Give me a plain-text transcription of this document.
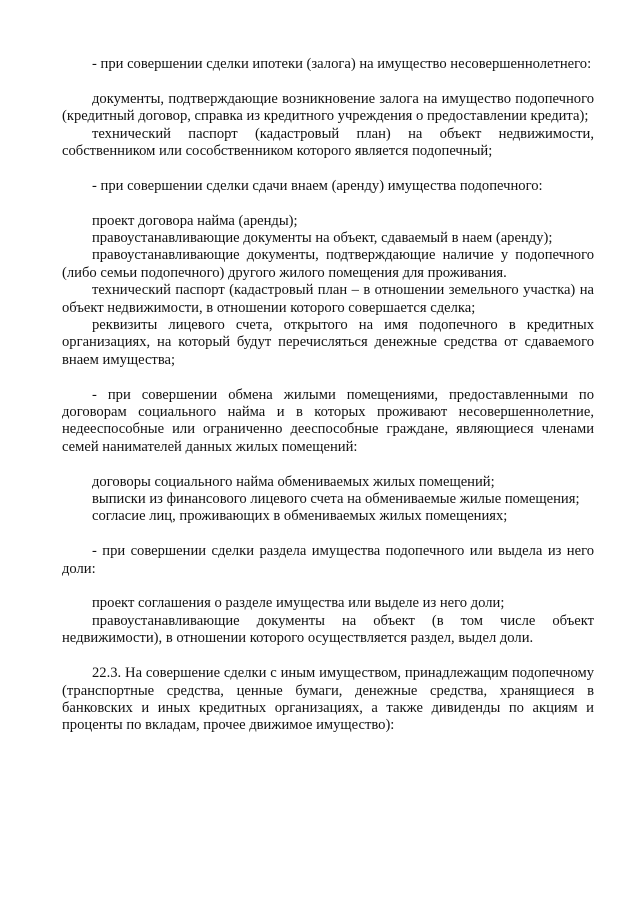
- при совершении сделки ипотеки (залога) на имущество несовершеннолетнего:

документы, подтверждающие возникновение залога на имущество подопечного (кредитный договор, справка из кредитного учреждения о предоставлении кредита);

технический паспорт (кадастровый план) на объект недвижимости, собственником или сособственником которого является подопечный;

- при совершении сделки сдачи внаем (аренду) имущества подопечного:

проект договора найма (аренды);

правоустанавливающие документы на объект, сдаваемый в наем (аренду);

правоустанавливающие документы, подтверждающие наличие у подопечного (либо семьи подопечного) другого жилого помещения для проживания.

технический паспорт (кадастровый план – в отношении земельного участка) на объект недвижимости, в отношении которого совершается сделка;

реквизиты лицевого счета, открытого на имя подопечного в кредитных организациях, на который будут перечисляться денежные средства от сдаваемого внаем имущества;

- при совершении обмена жилыми помещениями, предоставленными по договорам социального найма и в которых проживают несовершеннолетние, недееспособные или ограниченно дееспособные граждане, являющиеся членами семей нанимателей данных жилых помещений:

договоры социального найма обмениваемых жилых помещений;

выписки из финансового лицевого счета на обмениваемые жилые помещения;

согласие лиц, проживающих в обмениваемых жилых помещениях;

- при совершении сделки раздела имущества подопечного или выдела из него доли:

проект соглашения о разделе имущества или выделе из него доли;

правоустанавливающие документы на объект (в том числе объект недвижимости), в отношении которого осуществляется раздел, выдел доли.

22.3. На совершение сделки с иным имуществом, принадлежащим подопечному (транспортные средства, ценные бумаги, денежные средства, хранящиеся в банковских и иных кредитных организациях, а также дивиденды по акциям и проценты по вкладам, прочее движимое имущество):
